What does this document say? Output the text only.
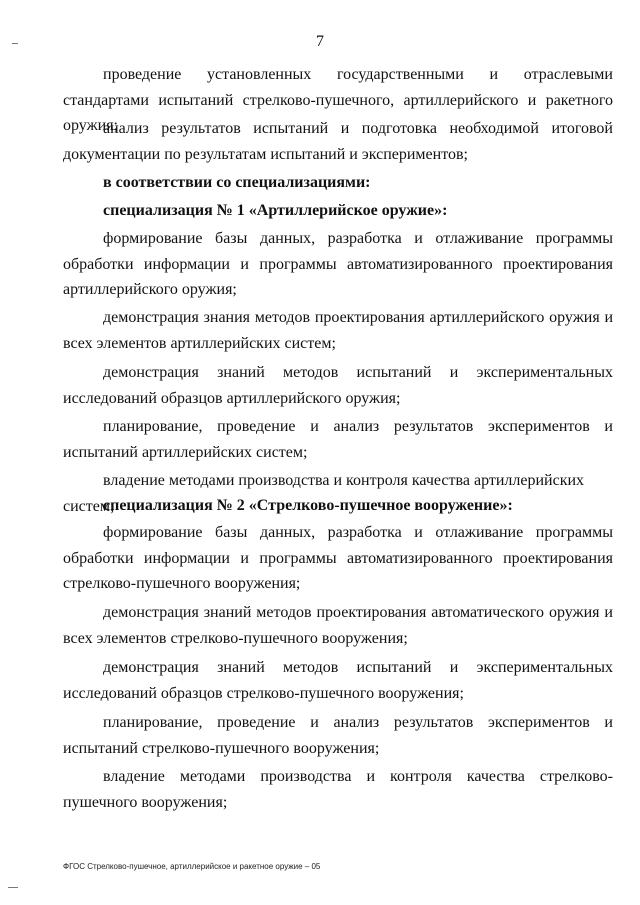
7

проведение установленных государственными и отраслевыми стандартами испытаний стрелково-пушечного, артиллерийского и ракетного оружия;

анализ результатов испытаний и подготовка необходимой итоговой документации по результатам испытаний и экспериментов;

в соответствии со специализациями:

специализация № 1 «Артиллерийское оружие»:

формирование базы данных, разработка и отлаживание программы обработки информации и программы автоматизированного проектирования артиллерийского оружия;

демонстрация знания методов проектирования артиллерийского оружия и всех элементов артиллерийских систем;

демонстрация знаний методов испытаний и экспериментальных исследований образцов артиллерийского оружия;

планирование, проведение и анализ результатов экспериментов и испытаний артиллерийских систем;

владение методами производства и контроля качества артиллерийских систем;

специализация № 2 «Стрелково-пушечное вооружение»:

формирование базы данных, разработка и отлаживание программы обработки информации и программы автоматизированного проектирования стрелково-пушечного вооружения;

демонстрация знаний методов проектирования автоматического оружия и всех элементов стрелково-пушечного вооружения;

демонстрация знаний методов испытаний и экспериментальных исследований образцов стрелково-пушечного вооружения;

планирование, проведение и анализ результатов экспериментов и испытаний стрелково-пушечного вооружения;

владение методами производства и контроля качества стрелково-пушечного вооружения;

ФГОС Стрелково-пушечное, артиллерийское и ракетное оружие – 05
